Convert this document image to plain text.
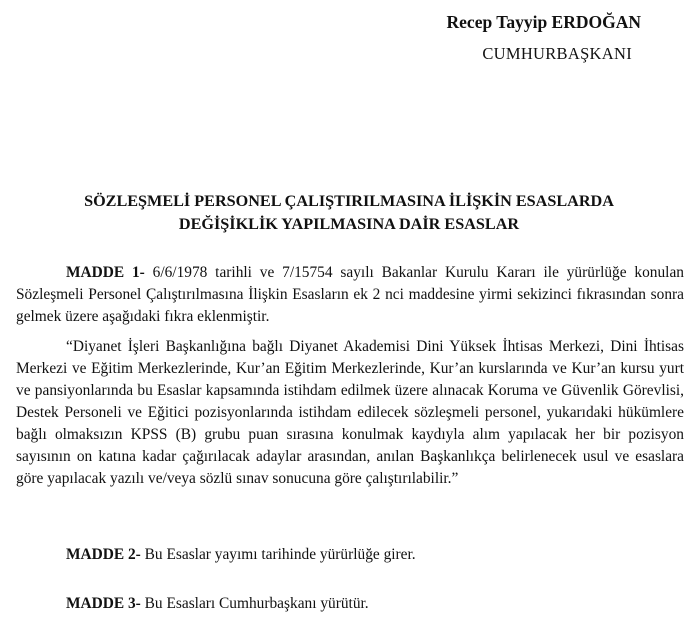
Recep Tayyip ERDOĞAN
CUMHURBAŞKANI
SÖZLEŞMELİ PERSONEL ÇALIŞTIRILMASINA İLİŞKİN ESASLARDA
DEĞİŞİKLİK YAPILMASINA DAİR ESASLAR
MADDE 1- 6/6/1978 tarihli ve 7/15754 sayılı Bakanlar Kurulu Kararı ile yürürlüğe konulan Sözleşmeli Personel Çalıştırılmasına İlişkin Esasların ek 2 nci maddesine yirmi sekizinci fıkrasından sonra gelmek üzere aşağıdaki fıkra eklenmiştir.
“Diyanet İşleri Başkanlığına bağlı Diyanet Akademisi Dini Yüksek İhtisas Merkezi, Dini İhtisas Merkezi ve Eğitim Merkezlerinde, Kur’an Eğitim Merkezlerinde, Kur’an kurslarında ve Kur’an kursu yurt ve pansiyonlarında bu Esaslar kapsamında istihdam edilmek üzere alınacak Koruma ve Güvenlik Görevlisi, Destek Personeli ve Eğitici pozisyonlarında istihdam edilecek sözleşmeli personel, yukarıdaki hükümlere bağlı olmaksızın KPSS (B) grubu puan sırasına konulmak kaydıyla alım yapılacak her bir pozisyon sayısının on katına kadar çağırılacak adaylar arasından, anılan Başkanlıkça belirlenecek usul ve esaslara göre yapılacak yazılı ve/veya sözlü sınav sonucuna göre çalıştırılabilir.”
MADDE 2- Bu Esaslar yayımı tarihinde yürürlüğe girer.
MADDE 3- Bu Esasları Cumhurbaşkanı yürütür.
